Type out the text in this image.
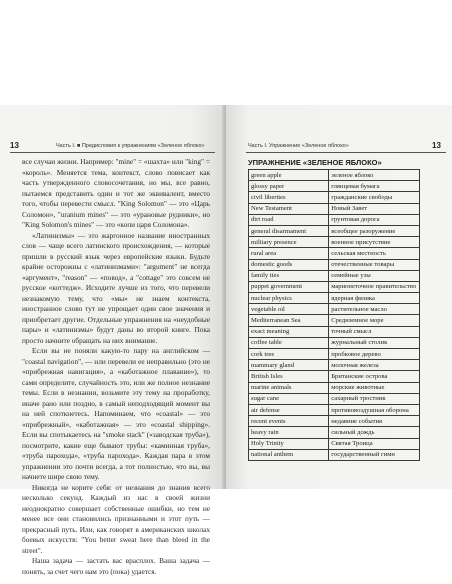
13	Часть I. ■ Предисловия к упражнениям «Зеленое яблоко»

все случаи жизни. Например: "mine" = «шахта» или "king" = «король». Меняется тема, контекст, слово повисает как часть утвержденного словосочетания, но мы, все равно, пытаемся представить один и тот же эквивалент, вместо того, чтобы перевести смысл. "King Solomon" — это «Царь Соломон», "uranium mines" — это «урановые рудники», но "King Solomon's mines" — это «копи царя Соломона».

«Латинизмы» — это жаргонное название иностранных слов — чаще всего латинского происхождения, — которые пришли в русский язык через европейские языки. Будьте крайне осторожны с «латинизмами»: "argument" не всегда «аргумент», "reason" — «повод», а "cottage" это совсем не русское «коттедж». Исходите лучше из того, что перевели незнакомую тему, что «мы» не знаем контекста, иностранное слово тут не упрощает один свое значения и приобретает другие. Отдельные упражнения на «неудобные пары» и «латинизмы» будут даны во второй книге. Пока просто начните обращать на них внимание.

Если вы не поняли какую-то пару на английском — "coastal navigation", — или перевели ее неправильно (это не «прибрежная навигация», а «каботажное плавание»), то сами определите, случайность это, или же полное незнание темы. Если в незнании, возьмите эту тему на проработку, иначе рано или поздно, в самый неподходящий момент вы на ней споткнетесь. Напоминаем, что «coastal» — это «прибрежный», «каботажная» — это «coastal shipping». Если вы спотыкаетесь на "smoke stack" («заводская труба»), посмотрите, какие еще бывают трубы: «каминная труба», «труба парохода», «труба парохода». Каждая пара в этом упражнении это почти всегда, а тот полностью, что вы, вы начнете шире свою тему.

Никогда не корите себя: от незнания до знания всего несколько секунд. Каждый из нас в своей жизни неоднократно совершает собственные ошибки, но тем не менее все они становились признанными и этот путь — прекрасный путь. Или, как говорят в американских школах боевых искусств: "You better sweat here than bleed in the street".

Наша задача — застать вас врасплох. Ваша задача — понять, за счет чего нам это (пока) удается.

Часть I. Упражнение «Зеленое яблоко»	13
УПРАЖНЕНИЕ «ЗЕЛЕНОЕ ЯБЛОКО»
green apple	зеленое яблоко
glossy paper	глянцевая бумага
civil liberties	гражданские свободы
New Testament	Новый Завет
dirt road	грунтовая дорога
general disarmament	всеобщее разоружение
military presence	военное присутствие
rural area	сельская местность
domestic goods	отечественные товары
family ties	семейные узы
puppet government	марионеточное правительство
nuclear physics	ядерная физика
vegetable oil	растительное масло
Mediterranean Sea	Средиземное море
exact meaning	точный смысл
coffee table	журнальный столик
cork tree	пробковое дерево
mammary gland	молочная железа
British Isles	Британские острова
marine animals	морские животные
sugar cane	сахарный тростник
air defense	противовоздушная оборона
recent events	недавние события
heavy rain	сильный дождь
Holy Trinity	Святая Троица
national anthem	государственный гимн
